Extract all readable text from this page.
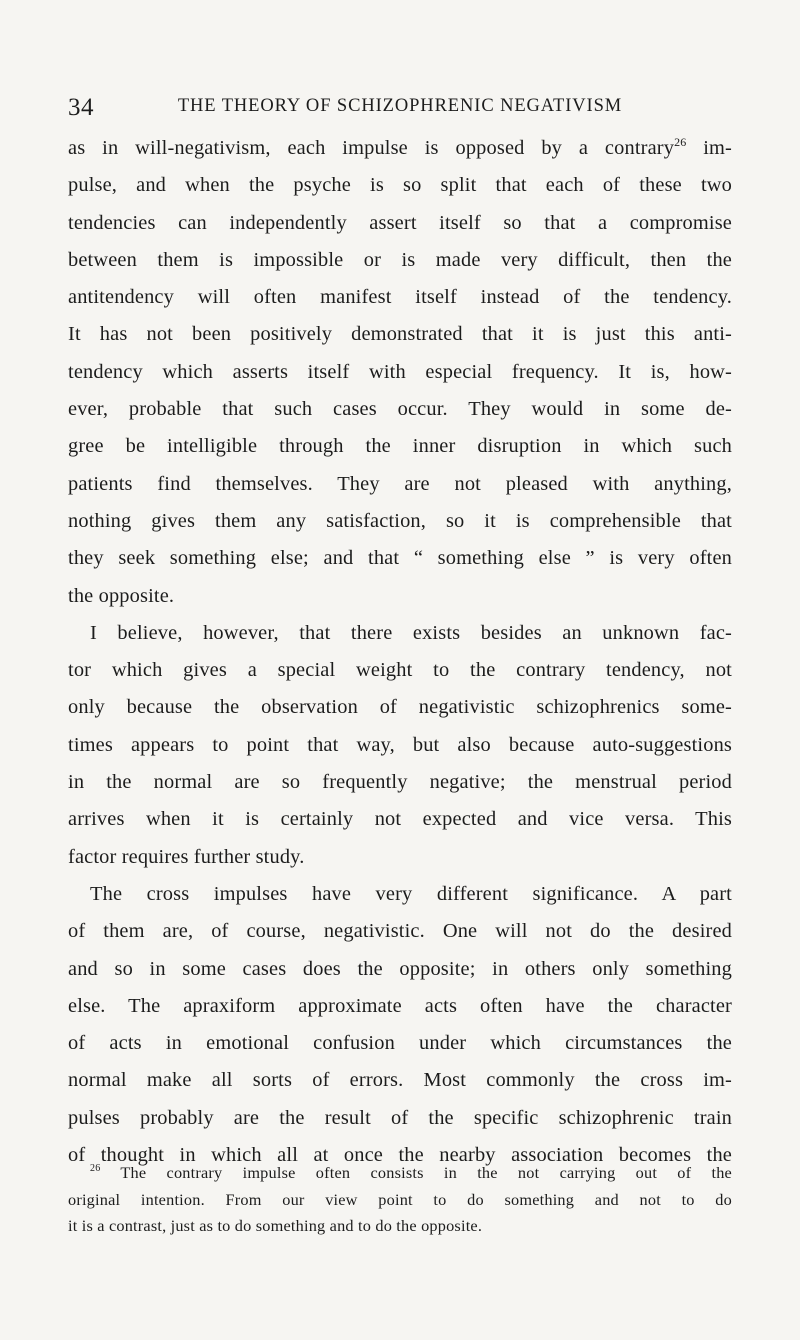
34	THE THEORY OF SCHIZOPHRENIC NEGATIVISM
as in will-negativism, each impulse is opposed by a contrary$^{26}$ im-
pulse, and when the psyche is so split that each of these two
tendencies can independently assert itself so that a compromise
between them is impossible or is made very difficult, then the
antitendency will often manifest itself instead of the tendency.
It has not been positively demonstrated that it is just this anti-
tendency which asserts itself with especial frequency. It is, how-
ever, probable that such cases occur. They would in some de-
gree be intelligible through the inner disruption in which such
patients find themselves. They are not pleased with anything,
nothing gives them any satisfaction, so it is comprehensible that
they seek something else; and that “ something else ” is very often
the opposite.
I believe, however, that there exists besides an unknown fac-
tor which gives a special weight to the contrary tendency, not
only because the observation of negativistic schizophrenics some-
times appears to point that way, but also because auto-suggestions
in the normal are so frequently negative; the menstrual period
arrives when it is certainly not expected and vice versa. This
factor requires further study.
The cross impulses have very different significance. A part
of them are, of course, negativistic. One will not do the desired
and so in some cases does the opposite; in others only something
else. The apraxiform approximate acts often have the character
of acts in emotional confusion under which circumstances the
normal make all sorts of errors. Most commonly the cross im-
pulses probably are the result of the specific schizophrenic train
of thought in which all at once the nearby association becomes the
$^{26}$ The contrary impulse often consists in the not carrying out of the
original intention. From our view point to do something and not to do
it is a contrast, just as to do something and to do the opposite.
